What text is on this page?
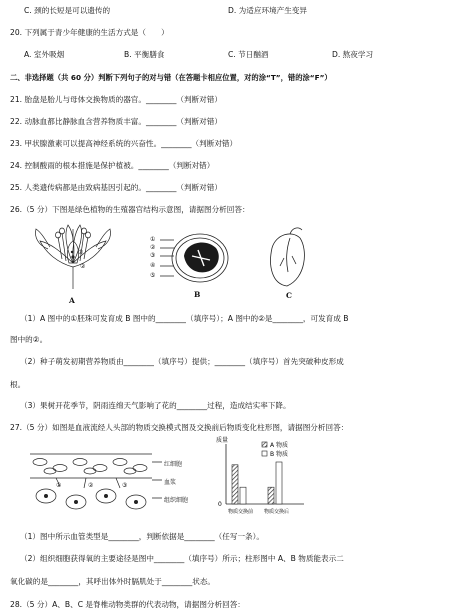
C. 颈的长短是可以遗传的	D. 为适应环境产生变异
20. 下列属于青少年健康的生活方式是（　　）
A. 室外吸烟	B. 平衡膳食	C. 节日酗酒	D. 熬夜学习
二、非选择题（共 60 分）判断下列句子的对与错（在答题卡相应位置，对的涂“T”，错的涂“F”）
21. 胎盘是胎儿与母体交换物质的器官。________（判断对错）
22. 动脉血都比静脉血含营养物质丰富。________（判断对错）
23. 甲状腺激素可以提高神经系统的兴奋性。________（判断对错）
24. 控制酸雨的根本措施是保护植被。________（判断对错）
25. 人类遗传病都是由致病基因引起的。________（判断对错）
26.（5 分）下图是绿色植物的生殖器官结构示意图，请据图分析回答：
①
②
A
①
②
③
④
⑤
B	C
（1）A 图中的①胚珠可发育成 B 图中的________（填序号）；A 图中的②是________，可发育成 B
图中的②。
（2）种子萌发初期营养物质由________（填序号）提供；________（填序号）首先突破种皮形成
根。
（3）果树开花季节，阴雨连绵天气影响了花的________过程，造成结实率下降。
27.（5 分）如图是血液流经人头部的物质交换模式图及交换前后物质变化柱形图，请据图分析回答：
红细胞
血浆
组织细胞
①	②	③
质量
0
物质交换前 物质交换后
A 物质
B 物质
（1）图中所示血管类型是________，判断依据是________（任写一条）。
（2）组织细胞获得氧的主要途径是图中________（填序号）所示；柱形图中 A、B 物质能表示二
氧化碳的是________，其呼出体外时膈肌处于________状态。
28.（5 分）A、B、C 是脊椎动物类群的代表动物，请据图分析回答：
